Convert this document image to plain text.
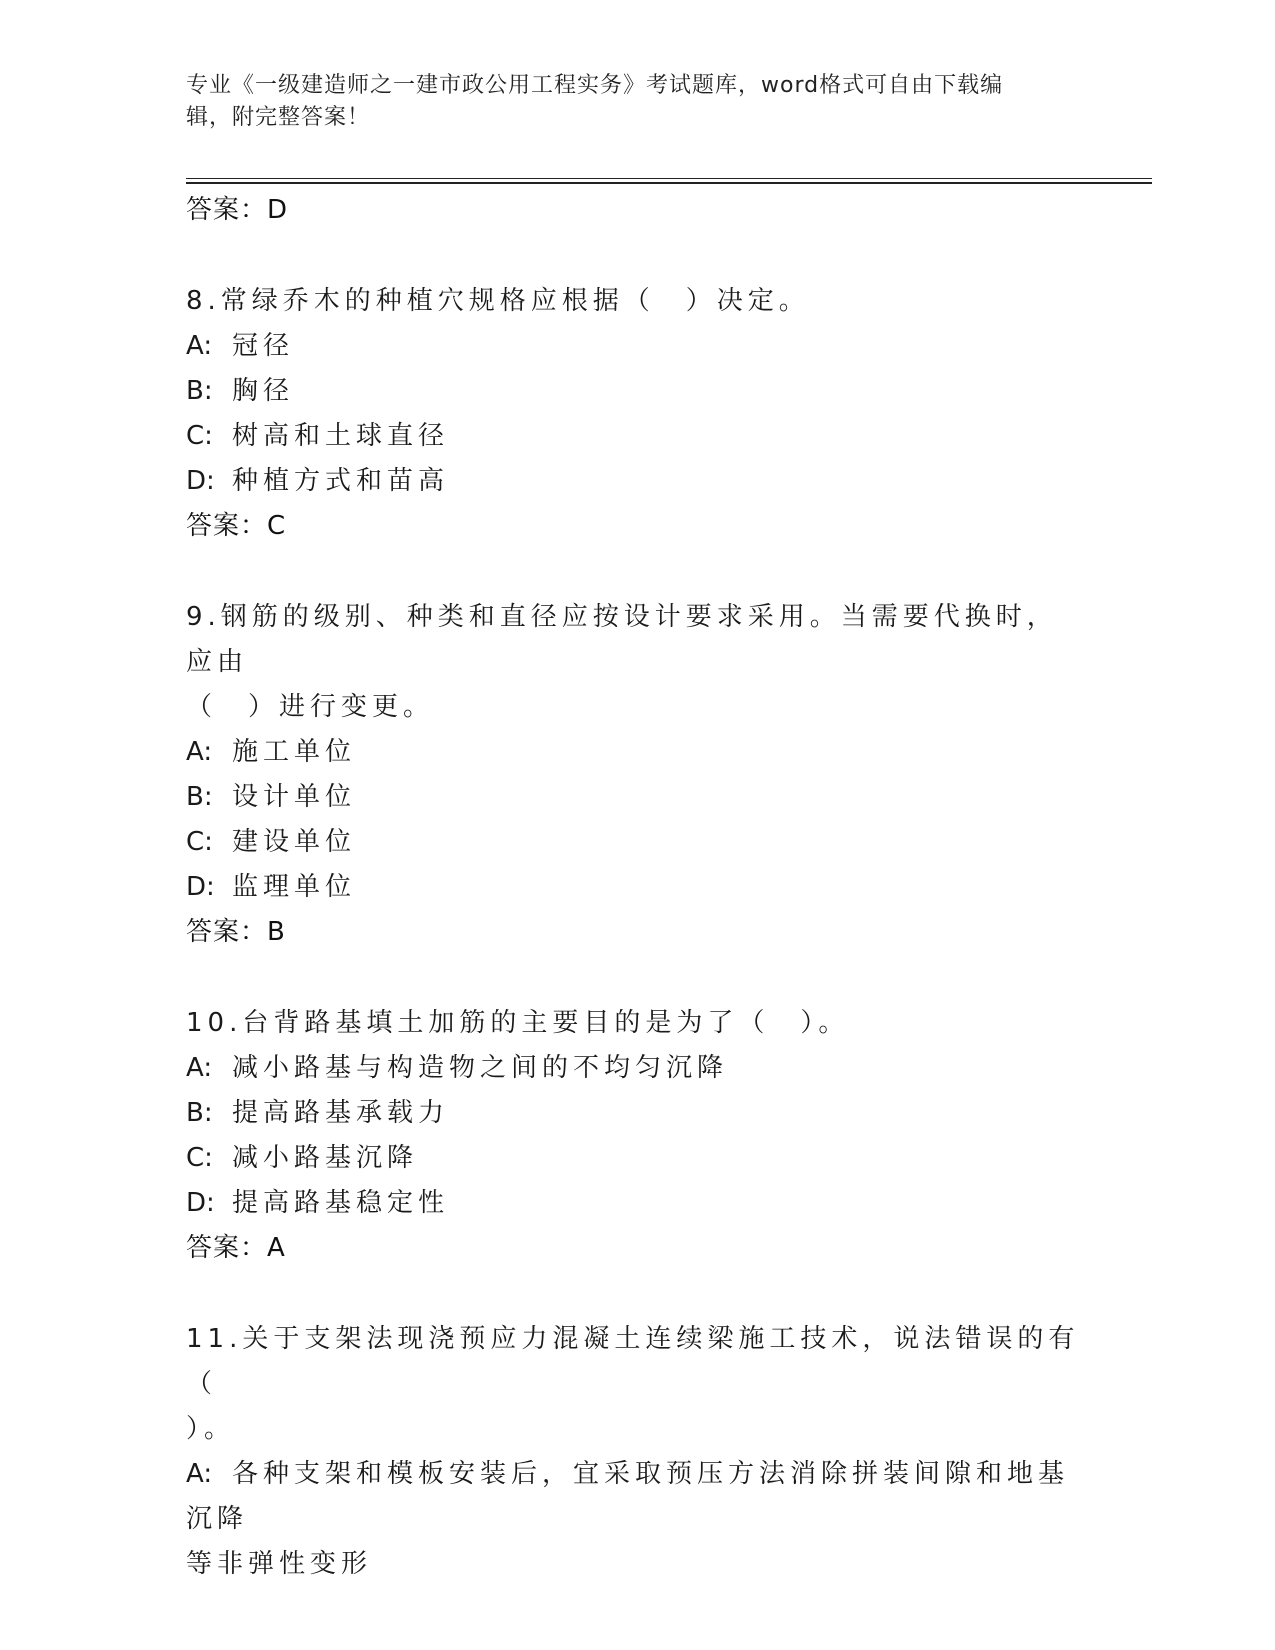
专业《一级建造师之一建市政公用工程实务》考试题库，word格式可自由下载编
辑，附完整答案！
答案：D
8.常绿乔木的种植穴规格应根据（　）决定。
A: 冠径
B: 胸径
C: 树高和土球直径
D: 种植方式和苗高
答案：C
9.钢筋的级别、种类和直径应按设计要求采用。当需要代换时，应由
（　）进行变更。
A: 施工单位
B: 设计单位
C: 建设单位
D: 监理单位
答案：B
10.台背路基填土加筋的主要目的是为了（　）。
A: 减小路基与构造物之间的不均匀沉降
B: 提高路基承载力
C: 减小路基沉降
D: 提高路基稳定性
答案：A
11.关于支架法现浇预应力混凝土连续梁施工技术，说法错误的有（
）。
A: 各种支架和模板安装后，宜采取预压方法消除拼装间隙和地基沉降
等非弹性变形
